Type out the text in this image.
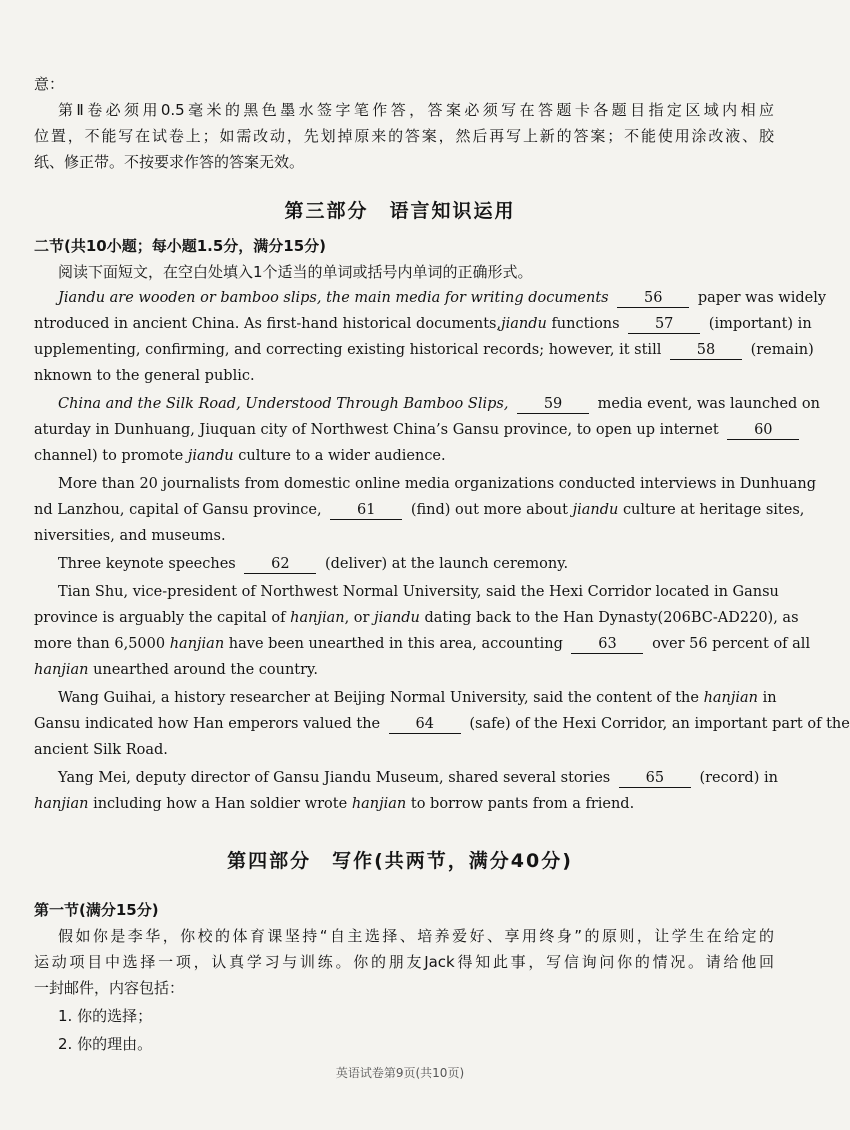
意：
第Ⅱ卷必须用0.5毫米的黑色墨水签字笔作答，答案必须写在答题卡各题目指定区域内相应
位置，不能写在试卷上；如需改动，先划掉原来的答案，然后再写上新的答案；不能使用涂改液、胶
纸、修正带。不按要求作答的答案无效。
第三部分　语言知识运用
二节(共10小题；每小题1.5分，满分15分)
阅读下面短文，在空白处填入1个适当的单词或括号内单词的正确形式。
Jiandu are wooden or bamboo slips, the main media for writing documents 56 paper was widely
ntroduced in ancient China. As first-hand historical documents,jiandu functions 57 (important) in
upplementing, confirming, and correcting existing historical records; however, it still 58 (remain)
nknown to the general public.
China and the Silk Road, Understood Through Bamboo Slips, 59 media event, was launched on
aturday in Dunhuang, Jiuquan city of Northwest China’s Gansu province, to open up internet 60
channel) to promote jiandu culture to a wider audience.
More than 20 journalists from domestic online media organizations conducted interviews in Dunhuang
nd Lanzhou, capital of Gansu province, 61 (find) out more about jiandu culture at heritage sites,
niversities, and museums.
Three keynote speeches 62 (deliver) at the launch ceremony.
Tian Shu, vice-president of Northwest Normal University, said the Hexi Corridor located in Gansu
province is arguably the capital of hanjian, or jiandu dating back to the Han Dynasty(206BC-AD220), as
more than 6,5000 hanjian have been unearthed in this area, accounting 63 over 56 percent of all
hanjian unearthed around the country.
Wang Guihai, a history researcher at Beijing Normal University, said the content of the hanjian in
Gansu indicated how Han emperors valued the 64 (safe) of the Hexi Corridor, an important part of the
ancient Silk Road.
Yang Mei, deputy director of Gansu Jiandu Museum, shared several stories 65 (record) in
hanjian including how a Han soldier wrote hanjian to borrow pants from a friend.
第四部分　写作(共两节，满分40分)
第一节(满分15分)
假如你是李华，你校的体育课坚持“自主选择、培养爱好、享用终身”的原则，让学生在给定的
运动项目中选择一项，认真学习与训练。你的朋友Jack得知此事，写信询问你的情况。请给他回
一封邮件，内容包括：
1. 你的选择；
2. 你的理由。
英语试卷第9页(共10页)
